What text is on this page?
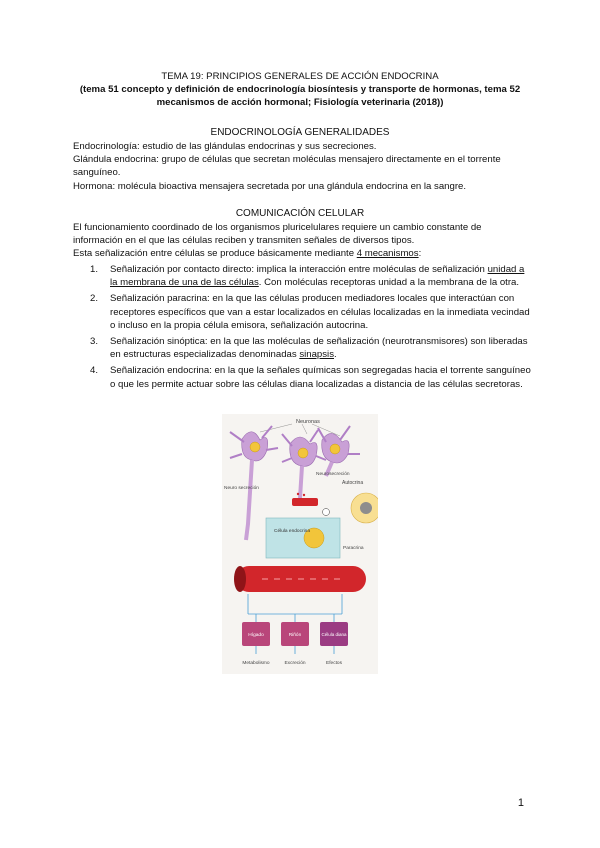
TEMA 19: PRINCIPIOS GENERALES DE ACCIÓN ENDOCRINA
(tema 51 concepto y definición de endocrinología biosíntesis y transporte de hormonas, tema 52
mecanismos de acción hormonal; Fisiología veterinaria (2018))
ENDOCRINOLOGÍA GENERALIDADES

Endocrinología: estudio de las glándulas endocrinas y sus secreciones.

Glándula endocrina: grupo de células que secretan moléculas mensajero directamente en el torrente

sanguíneo.

Hormona: molécula bioactiva mensajera secretada por una glándula endocrina en la sangre.

COMUNICACIÓN CELULAR

El funcionamiento coordinado de los organismos pluricelulares requiere un cambio constante de

información en el que las células reciben y transmiten señales de diversos tipos.

Esta señalización entre células se produce básicamente mediante 4 mecanismos:

1. Señalización por contacto directo: implica la interacción entre moléculas de señalización unidad a la membrana de una de las células. Con moléculas receptoras unidad a la membrana de la otra.
2. Señalización paracrina: en la que las células producen mediadores locales que interactúan con receptores específicos que van a estar localizados en células localizadas en la inmediata vecindad o incluso en la propia célula emisora, señalización autocrina.
3. Señalización sinóptica: en la que las moléculas de señalización (neurotransmisores) son liberadas en estructuras especializadas denominadas sinapsis.
4. Señalización endocrina: en la que la señales químicas son segregadas hacia el torrente sanguíneo o que les permite actuar sobre las células diana localizadas a distancia de las células secretoras.
Neuronas
Neurosecreción
Neuro secreción
Autocrina
Célula endocrina
Paracrina
Hígado	Riñón	Célula diana
Metabolismo	Excreción	Efectos
1
